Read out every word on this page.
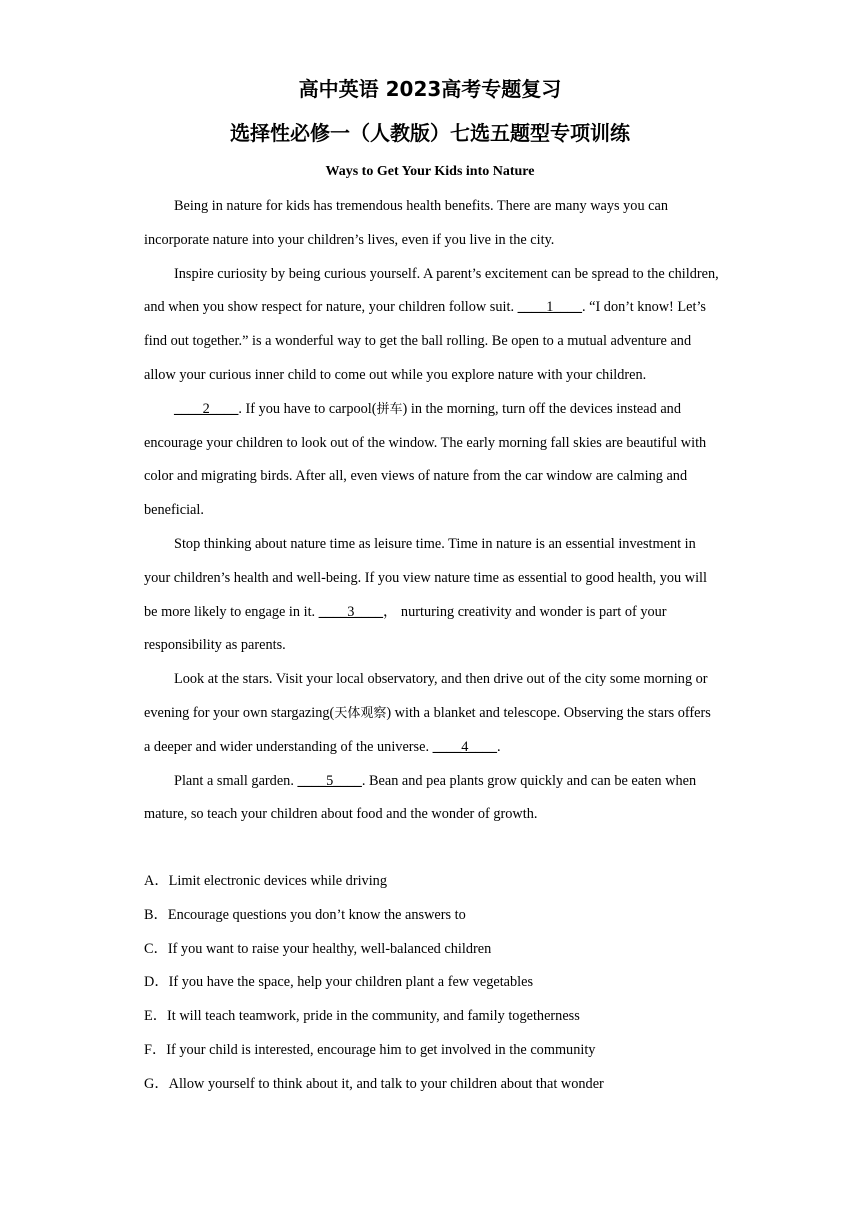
高中英语 2023高考专题复习
选择性必修一（人教版）七选五题型专项训练
Ways to Get Your Kids into Nature

Being in nature for kids has tremendous health benefits. There are many ways you can incorporate nature into your children’s lives, even if you live in the city.

Inspire curiosity by being curious yourself. A parent’s excitement can be spread to the children, and when you show respect for nature, your children follow suit. ____1____. “I don’t know! Let’s find out together.” is a wonderful way to get the ball rolling. Be open to a mutual adventure and allow your curious inner child to come out while you explore nature with your children.

____2____. If you have to carpool(拼车) in the morning, turn off the devices instead and encourage your children to look out of the window. The early morning fall skies are beautiful with color and migrating birds. After all, even views of nature from the car window are calming and beneficial.

Stop thinking about nature time as leisure time. Time in nature is an essential investment in your children’s health and well-being. If you view nature time as essential to good health, you will be more likely to engage in it. ____3____， nurturing creativity and wonder is part of your responsibility as parents.

Look at the stars. Visit your local observatory, and then drive out of the city some morning or evening for your own stargazing(天体观察) with a blanket and telescope. Observing the stars offers a deeper and wider understanding of the universe. ____4____.

Plant a small garden. ____5____. Bean and pea plants grow quickly and can be eaten when mature, so teach your children about food and the wonder of growth.

A．Limit electronic devices while driving

B．Encourage questions you don’t know the answers to

C．If you want to raise your healthy, well-balanced children

D．If you have the space, help your children plant a few vegetables

E．It will teach teamwork, pride in the community, and family togetherness

F．If your child is interested, encourage him to get involved in the community

G．Allow yourself to think about it, and talk to your children about that wonder
